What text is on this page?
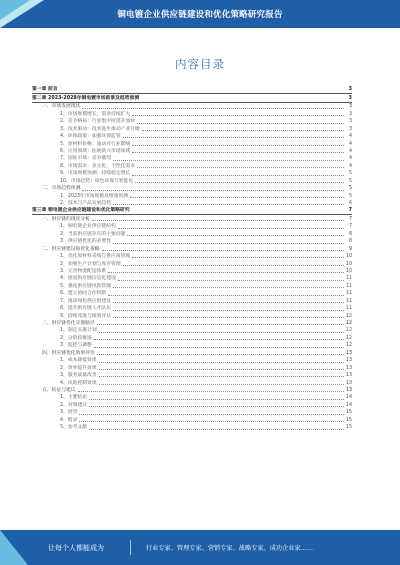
铜电镀企业供应链建设和优化策略研究报告
内容目录
第一章 前言	3
第二章 2023-2028年铜电镀市场前景及趋势预测	3
一、市场发展现状	3
1、市场规模增长，需求持续扩大	3
2、竞争格局：行业集中度提升加快	3
3、技术驱动：技术进步推动产业升级	3
4、环保政策：加强环保监管	4
5、原材料价格：波动对行业影响	4
6、应用领域：拓展新兴市场领域	4
7、国际市场：竞争激烈	4
8、市场需求：多元化、个性化需求	4
9、市场规模预测：持续稳定增长	5
10、市场趋势：绿色环保与智能化	5
二、市场趋势预测	5
1、2023年市场规模及增速预测	5
2、技术与产品发展趋势	6
第三章 铜电镀企业供应链建设和优化策略研究	7
一、供应链的现状分析	7
1、铜电镀企业供应链结构	7
2、当前供应链存在的主要问题	8
3、供应链优化的必要性	8
二、供应链建设和优化策略	9
1、优化原材料采购与供应商管理	10
2、加强生产计划与库存管理	10
3、完善物流配送体系	10
4、推进供应链信息化建设	11
5、强化供应链风险管理	11
6、建立协同合作机制	11
7、推动绿色供应链建设	11
8、提升供应链人才队伍	11
9、持续改进与绩效评估	12
三、供应链优化实施路径	12
1、制定实施计划	12
2、分阶段推进	12
3、监控与调整	12
四、供应链优化效果评估	13
1、成本降低效果	13
2、效率提升效果	13
3、服务质量改善	13
4、风险控制效果	13
五、结论与建议	13
1、主要结论	14
2、对策建议	14
3、展望	15
4、附录	15
5、参考文献	15
让每个人都能成为	行业专家、管理专家、营销专家、战略专家、成功企业家……
